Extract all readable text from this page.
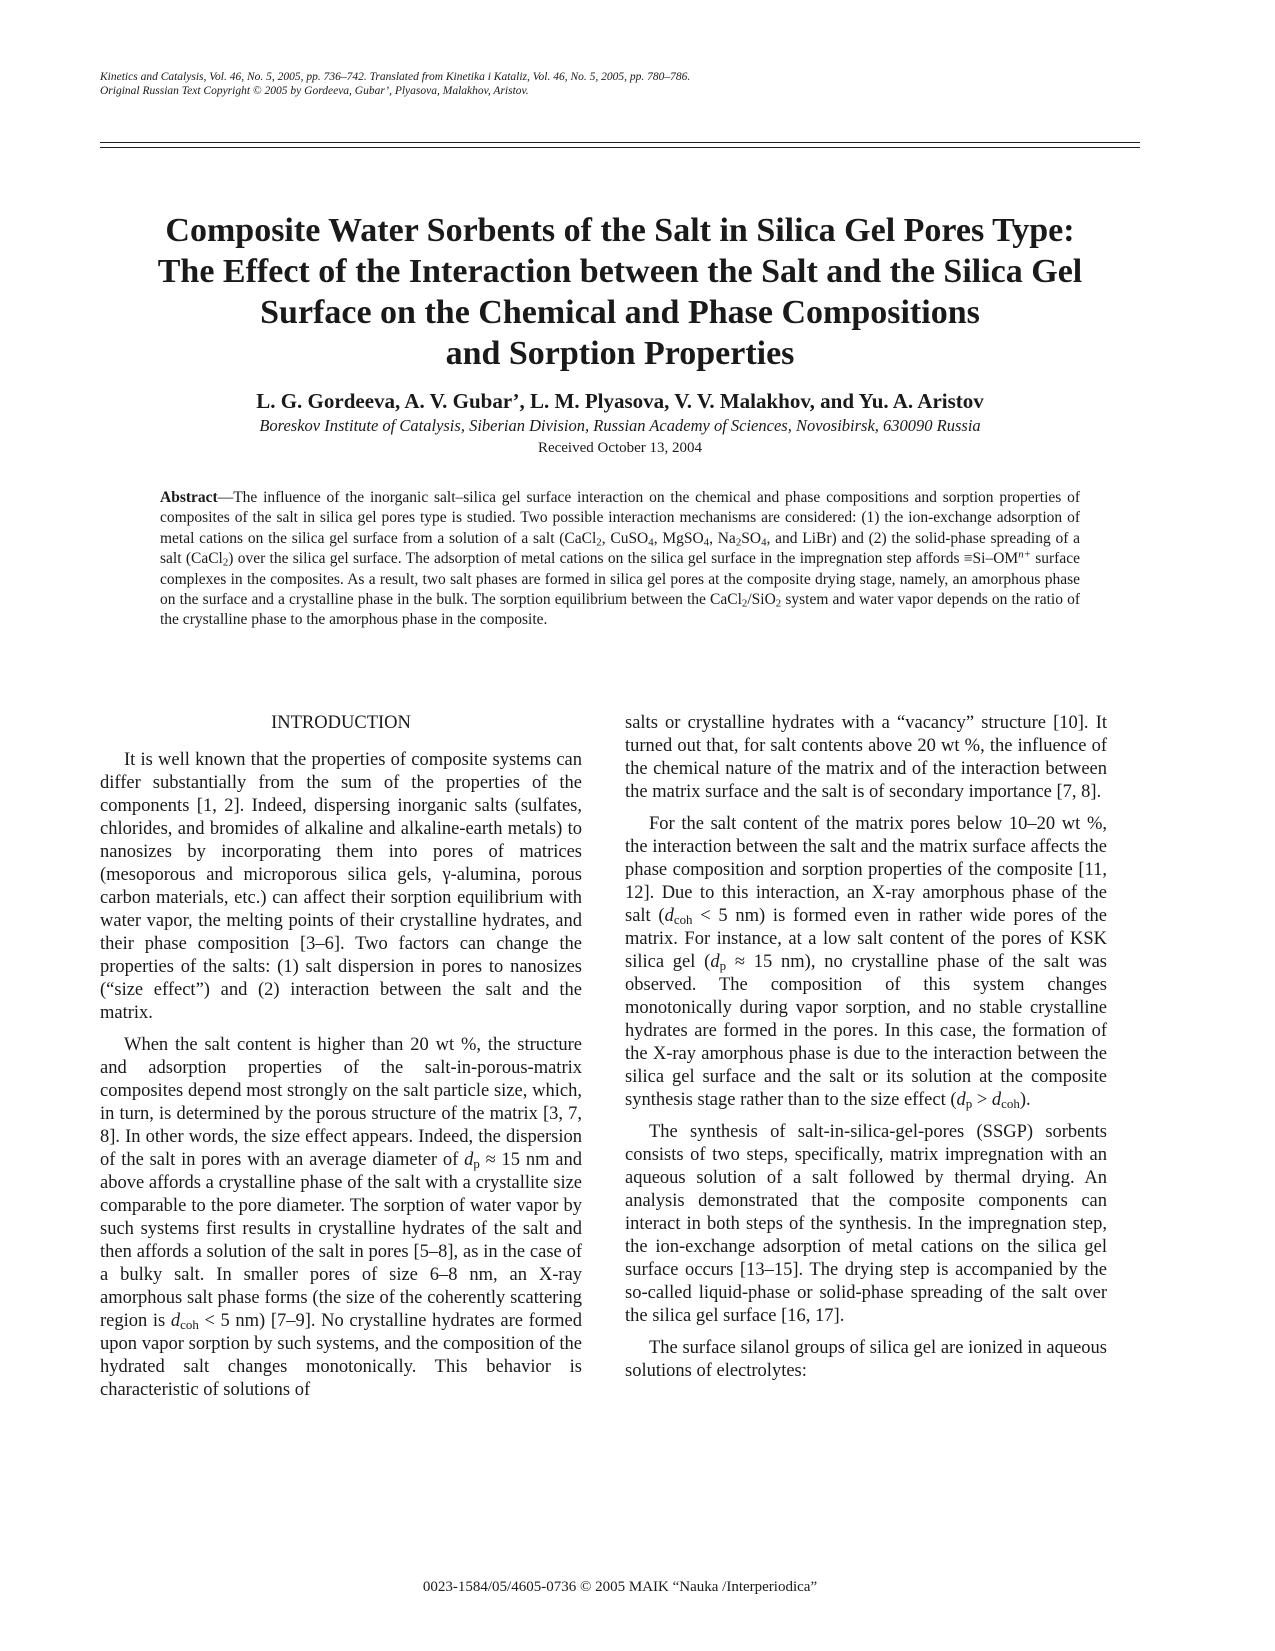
Kinetics and Catalysis, Vol. 46, No. 5, 2005, pp. 736–742. Translated from Kinetika i Kataliz, Vol. 46, No. 5, 2005, pp. 780–786.
Original Russian Text Copyright © 2005 by Gordeeva, Gubar’, Plyasova, Malakhov, Aristov.
Composite Water Sorbents of the Salt in Silica Gel Pores Type:
The Effect of the Interaction between the Salt and the Silica Gel
Surface on the Chemical and Phase Compositions
and Sorption Properties
L. G. Gordeeva, A. V. Gubar’, L. M. Plyasova, V. V. Malakhov, and Yu. A. Aristov
Boreskov Institute of Catalysis, Siberian Division, Russian Academy of Sciences, Novosibirsk, 630090 Russia
Received October 13, 2004
Abstract—The influence of the inorganic salt–silica gel surface interaction on the chemical and phase compositions and sorption properties of composites of the salt in silica gel pores type is studied. Two possible interaction mechanisms are considered: (1) the ion-exchange adsorption of metal cations on the silica gel surface from a solution of a salt (CaCl$_2$, CuSO$_4$, MgSO$_4$, $Na_2SO_4$, and LiBr) and (2) the solid-phase spreading of a salt (CaCl$_2$) over the silica gel surface. The adsorption of metal cations on the silica gel surface in the impregnation step affords $\equiv Si-OM^{n+}$ surface complexes in the composites. As a result, two salt phases are formed in silica gel pores at the composite drying stage, namely, an amorphous phase on the surface and a crystalline phase in the bulk. The sorption equilibrium between the CaCl$_2$/SiO$_2$ system and water vapor depends on the ratio of the crystalline phase to the amorphous phase in the composite.
INTRODUCTION

It is well known that the properties of composite systems can differ substantially from the sum of the properties of the components [1, 2]. Indeed, dispersing inorganic salts (sulfates, chlorides, and bromides of alkaline and alkaline-earth metals) to nanosizes by incorporating them into pores of matrices (mesoporous and microporous silica gels, γ-alumina, porous carbon materials, etc.) can affect their sorption equilibrium with water vapor, the melting points of their crystalline hydrates, and their phase composition [3–6]. Two factors can change the properties of the salts: (1) salt dispersion in pores to nanosizes (“size effect”) and (2) interaction between the salt and the matrix.

When the salt content is higher than 20 wt %, the structure and adsorption properties of the salt-in-porous-matrix composites depend most strongly on the salt particle size, which, in turn, is determined by the porous structure of the matrix [3, 7, 8]. In other words, the size effect appears. Indeed, the dispersion of the salt in pores with an average diameter of $d_p \approx 15$ nm and above affords a crystalline phase of the salt with a crystallite size comparable to the pore diameter. The sorption of water vapor by such systems first results in crystalline hydrates of the salt and then affords a solution of the salt in pores [5–8], as in the case of a bulky salt. In smaller pores of size 6–8 nm, an X-ray amorphous salt phase forms (the size of the coherently scattering region is $d_{coh} < 5$ nm) [7–9]. No crystalline hydrates are formed upon vapor sorption by such systems, and the composition of the hydrated salt changes monotonically. This behavior is characteristic of solutions of

salts or crystalline hydrates with a “vacancy” structure [10]. It turned out that, for salt contents above 20 wt %, the influence of the chemical nature of the matrix and of the interaction between the matrix surface and the salt is of secondary importance [7, 8].

For the salt content of the matrix pores below 10–20 wt %, the interaction between the salt and the matrix surface affects the phase composition and sorption properties of the composite [11, 12]. Due to this interaction, an X-ray amorphous phase of the salt ($d_{coh} < 5$ nm) is formed even in rather wide pores of the matrix. For instance, at a low salt content of the pores of KSK silica gel ($d_p \approx 15$ nm), no crystalline phase of the salt was observed. The composition of this system changes monotonically during vapor sorption, and no stable crystalline hydrates are formed in the pores. In this case, the formation of the X-ray amorphous phase is due to the interaction between the silica gel surface and the salt or its solution at the composite synthesis stage rather than to the size effect $(d_p > d_{coh})$.

The synthesis of salt-in-silica-gel-pores (SSGP) sorbents consists of two steps, specifically, matrix impregnation with an aqueous solution of a salt followed by thermal drying. An analysis demonstrated that the composite components can interact in both steps of the synthesis. In the impregnation step, the ion-exchange adsorption of metal cations on the silica gel surface occurs [13–15]. The drying step is accompanied by the so-called liquid-phase or solid-phase spreading of the salt over the silica gel surface [16, 17].

The surface silanol groups of silica gel are ionized in aqueous solutions of electrolytes:

0023-1584/05/4605-0736 © 2005 MAIK “Nauka /Interperiodica”
